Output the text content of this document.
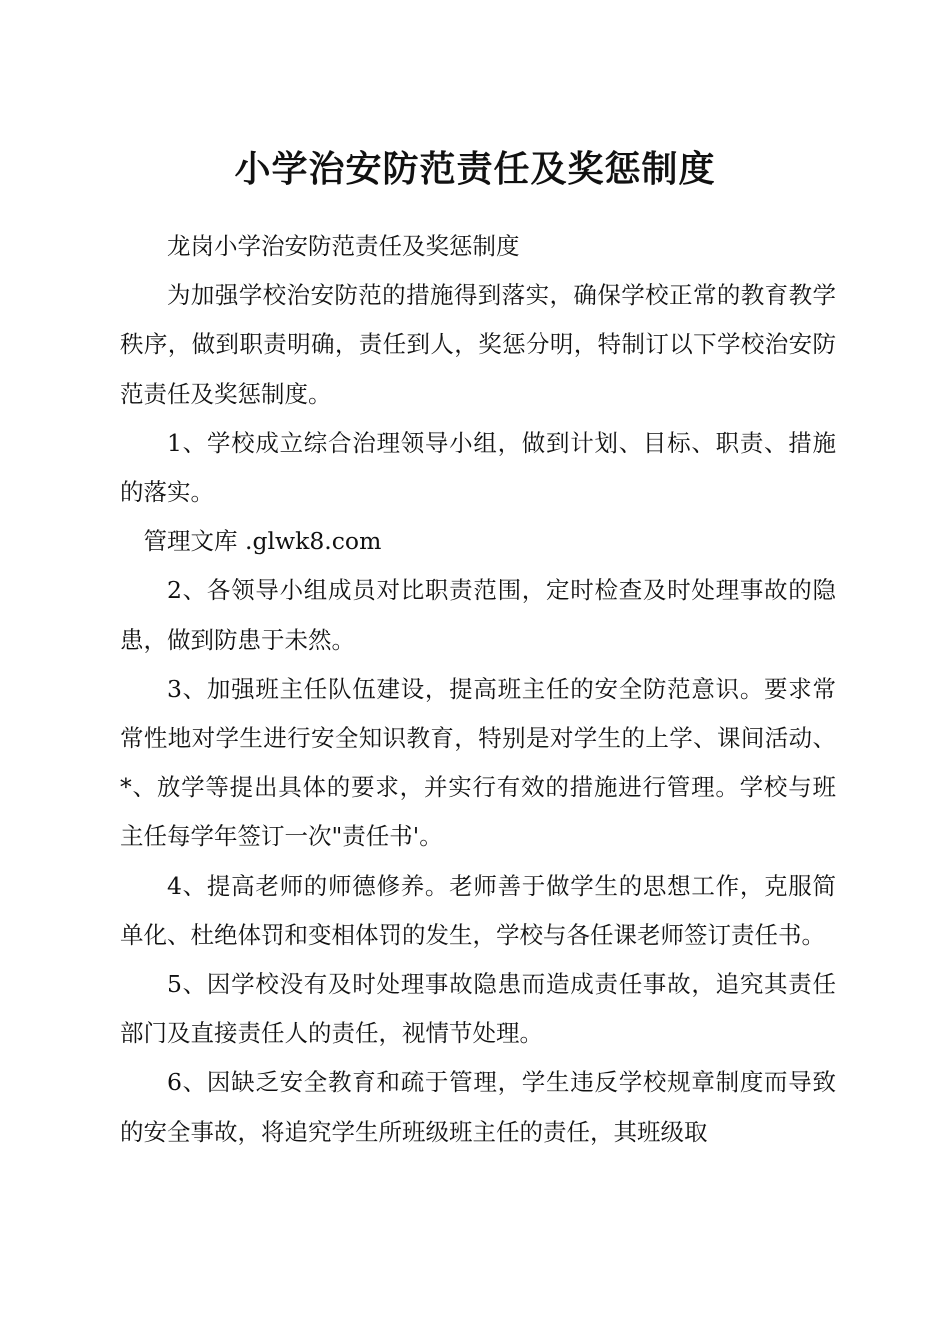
小学治安防范责任及奖惩制度

龙岗小学治安防范责任及奖惩制度

为加强学校治安防范的措施得到落实，确保学校正常的教育教学秩序，做到职责明确，责任到人，奖惩分明，特制订以下学校治安防范责任及奖惩制度。

1、学校成立综合治理领导小组，做到计划、目标、职责、措施的落实。

管理文库 .glwk8.com

2、各领导小组成员对比职责范围，定时检查及时处理事故的隐患，做到防患于未然。

3、加强班主任队伍建设，提高班主任的安全防范意识。要求常常性地对学生进行安全知识教育，特别是对学生的上学、课间活动、*、放学等提出具体的要求，并实行有效的措施进行管理。学校与班主任每学年签订一次"责任书'。

4、提高老师的师德修养。老师善于做学生的思想工作，克服简单化、杜绝体罚和变相体罚的发生，学校与各任课老师签订责任书。

5、因学校没有及时处理事故隐患而造成责任事故，追究其责任部门及直接责任人的责任，视情节处理。

6、因缺乏安全教育和疏于管理，学生违反学校规章制度而导致的安全事故，将追究学生所班级班主任的责任，其班级取
